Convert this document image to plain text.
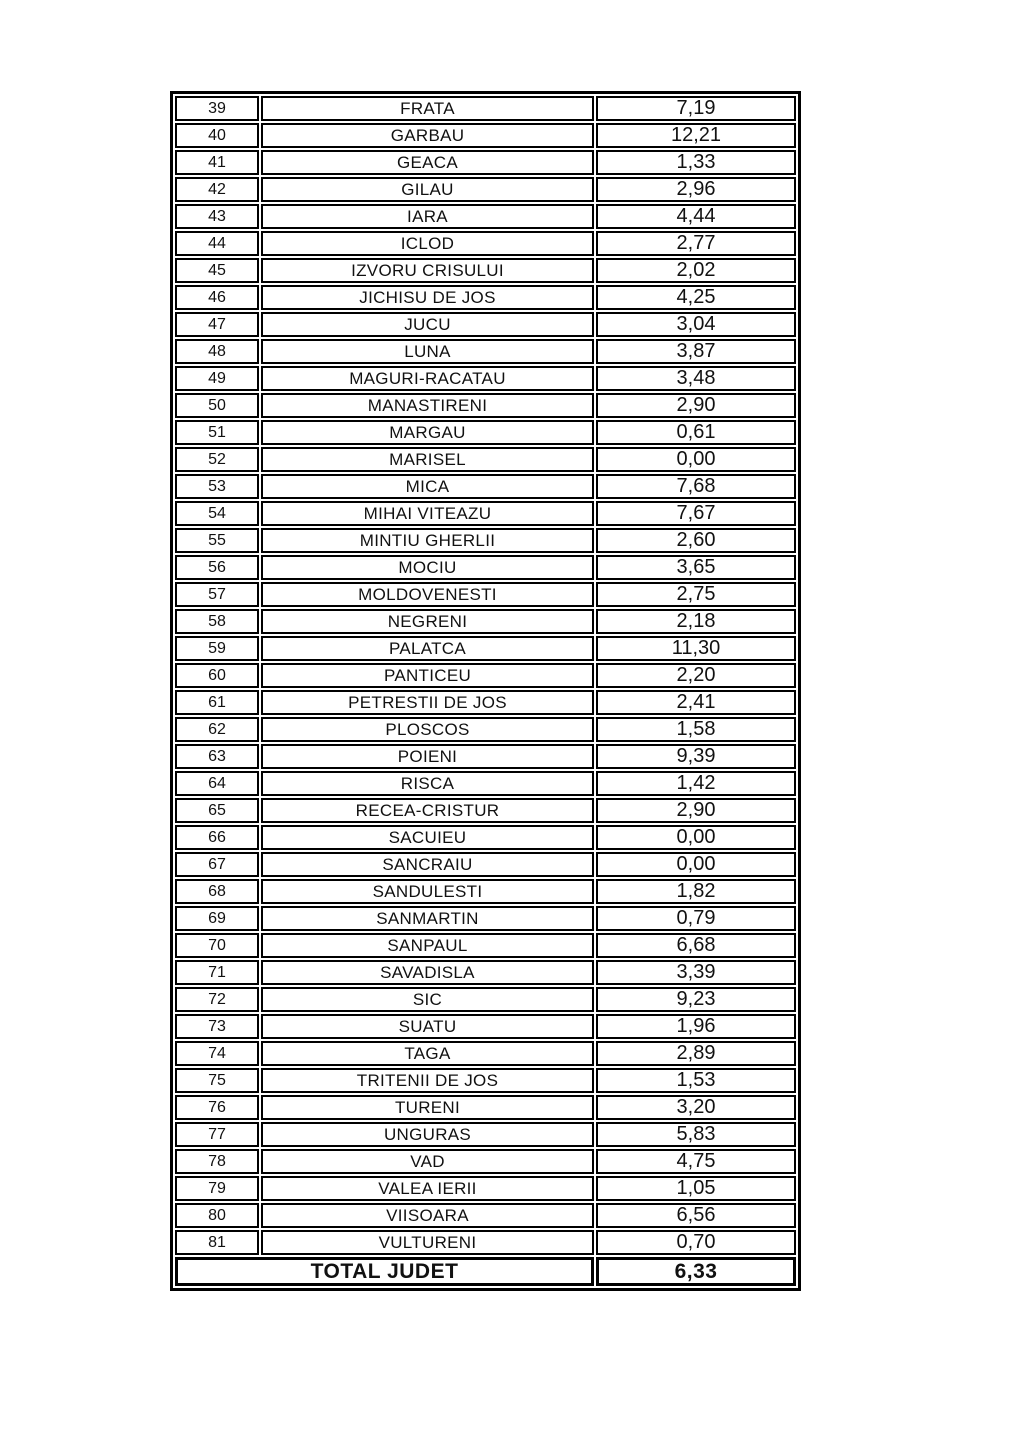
39	FRATA	7,19
40	GARBAU	12,21
41	GEACA	1,33
42	GILAU	2,96
43	IARA	4,44
44	ICLOD	2,77
45	IZVORU CRISULUI	2,02
46	JICHISU DE JOS	4,25
47	JUCU	3,04
48	LUNA	3,87
49	MAGURI-RACATAU	3,48
50	MANASTIRENI	2,90
51	MARGAU	0,61
52	MARISEL	0,00
53	MICA	7,68
54	MIHAI VITEAZU	7,67
55	MINTIU GHERLII	2,60
56	MOCIU	3,65
57	MOLDOVENESTI	2,75
58	NEGRENI	2,18
59	PALATCA	11,30
60	PANTICEU	2,20
61	PETRESTII DE JOS	2,41
62	PLOSCOS	1,58
63	POIENI	9,39
64	RISCA	1,42
65	RECEA-CRISTUR	2,90
66	SACUIEU	0,00
67	SANCRAIU	0,00
68	SANDULESTI	1,82
69	SANMARTIN	0,79
70	SANPAUL	6,68
71	SAVADISLA	3,39
72	SIC	9,23
73	SUATU	1,96
74	TAGA	2,89
75	TRITENII DE JOS	1,53
76	TURENI	3,20
77	UNGURAS	5,83
78	VAD	4,75
79	VALEA IERII	1,05
80	VIISOARA	6,56
81	VULTURENI	0,70
TOTAL JUDET		6,33
